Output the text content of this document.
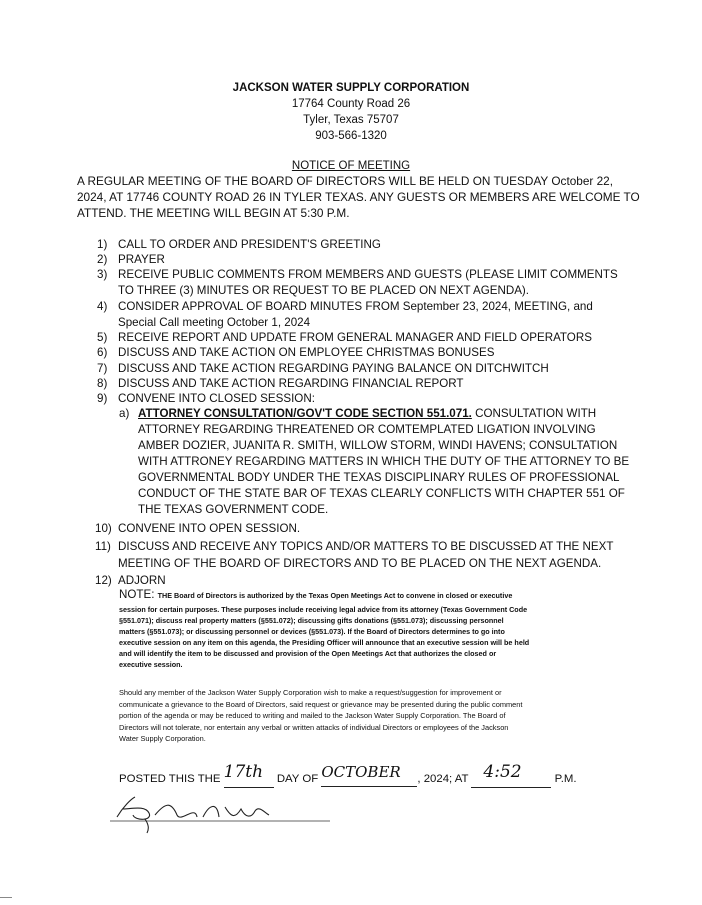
JACKSON WATER SUPPLY CORPORATION
17764 County Road 26
Tyler, Texas 75707
903-566-1320
NOTICE OF MEETING
A REGULAR MEETING OF THE BOARD OF DIRECTORS WILL BE HELD ON TUESDAY October 22,
2024, AT 17746 COUNTY ROAD 26 IN TYLER TEXAS. ANY GUESTS OR MEMBERS ARE WELCOME TO
ATTEND. THE MEETING WILL BEGIN AT 5:30 P.M.
1) CALL TO ORDER AND PRESIDENT'S GREETING
2) PRAYER
3) RECEIVE PUBLIC COMMENTS FROM MEMBERS AND GUESTS (PLEASE LIMIT COMMENTS
TO THREE (3) MINUTES OR REQUEST TO BE PLACED ON NEXT AGENDA).
4) CONSIDER APPROVAL OF BOARD MINUTES FROM September 23, 2024, MEETING, and
Special Call meeting October 1, 2024
5) RECEIVE REPORT AND UPDATE FROM GENERAL MANAGER AND FIELD OPERATORS
6) DISCUSS AND TAKE ACTION ON EMPLOYEE CHRISTMAS BONUSES
7) DISCUSS AND TAKE ACTION REGARDING PAYING BALANCE ON DITCHWITCH
8) DISCUSS AND TAKE ACTION REGARDING FINANCIAL REPORT
9) CONVENE INTO CLOSED SESSION:
a) ATTORNEY CONSULTATION/GOV'T CODE SECTION 551.071. CONSULTATION WITH
ATTORNEY REGARDING THREATENED OR COMTEMPLATED LIGATION INVOLVING
AMBER DOZIER, JUANITA R. SMITH, WILLOW STORM, WINDI HAVENS; CONSULTATION
WITH ATTRONEY REGARDING MATTERS IN WHICH THE DUTY OF THE ATTORNEY TO BE
GOVERNMENTAL BODY UNDER THE TEXAS DISCIPLINARY RULES OF PROFESSIONAL
CONDUCT OF THE STATE BAR OF TEXAS CLEARLY CONFLICTS WITH CHAPTER 551 OF
THE TEXAS GOVERNMENT CODE.
10) CONVENE INTO OPEN SESSION.
11) DISCUSS AND RECEIVE ANY TOPICS AND/OR MATTERS TO BE DISCUSSED AT THE NEXT
MEETING OF THE BOARD OF DIRECTORS AND TO BE PLACED ON THE NEXT AGENDA.
12) ADJORN
NOTE: THE Board of Directors is authorized by the Texas Open Meetings Act to convene in closed or executive
session for certain purposes. These purposes include receiving legal advice from its attorney (Texas Government Code
§551.071); discuss real property matters (§551.072); discussing gifts donations (§551.073); discussing personnel
matters (§551.073); or discussing personnel or devices (§551.073). If the Board of Directors determines to go into
executive session on any item on this agenda, the Presiding Officer will announce that an executive session will be held
and will identify the item to be discussed and provision of the Open Meetings Act that authorizes the closed or
executive session.
Should any member of the Jackson Water Supply Corporation wish to make a request/suggestion for improvement or
communicate a grievance to the Board of Directors, said request or grievance may be presented during the public comment
portion of the agenda or may be reduced to writing and mailed to the Jackson Water Supply Corporation. The Board of
Directors will not tolerate, nor entertain any verbal or written attacks of individual Directors or employees of the Jackson
Water Supply Corporation.
POSTED THIS THE 17th DAY OF OCTOBER , 2024; AT 4:52	P.M.
Lloyd Wa
